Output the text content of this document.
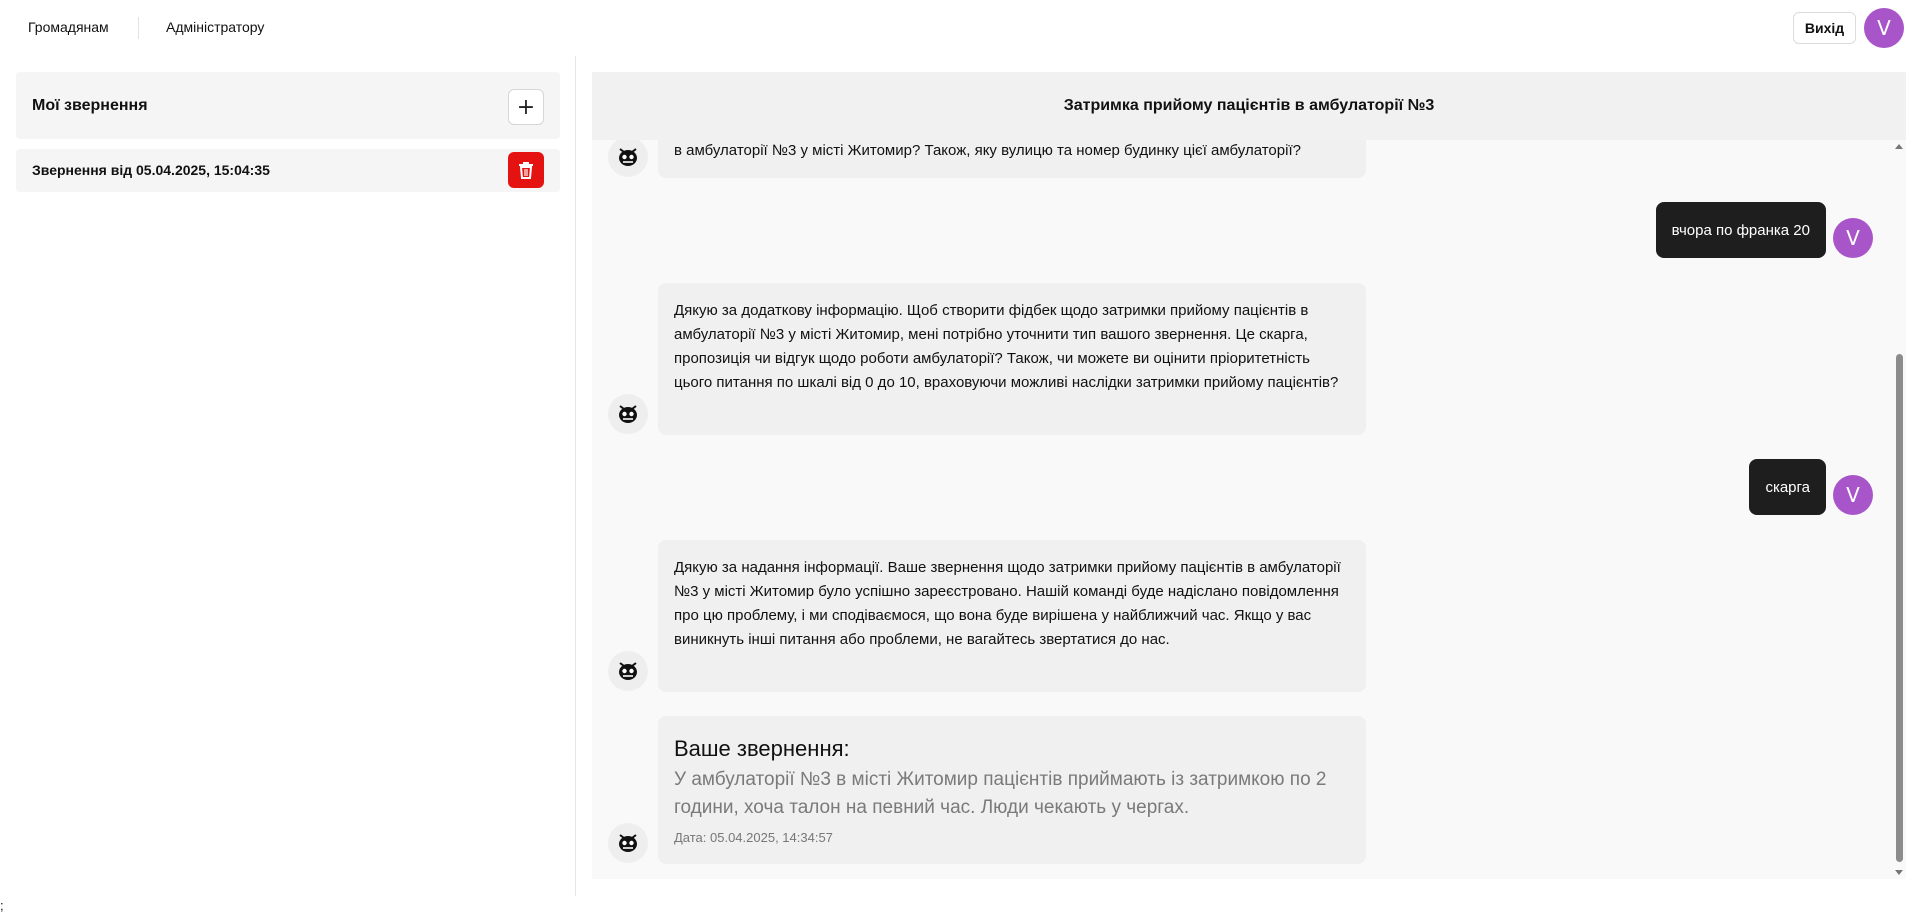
Громадянам	Адміністратору	Вихід	V
Мої звернення	+
Звернення від 05.04.2025, 15:04:35
Затримка прийому пацієнтів в амбулаторії №3
в амбулаторії №3 у місті Житомир? Також, яку вулицю та номер будинку цієї амбулаторії?
вчора по франка 20	V
Дякую за додаткову інформацію. Щоб створити фідбек щодо затримки прийому пацієнтів в амбулаторії №3 у місті Житомир, мені потрібно уточнити тип вашого звернення. Це скарга, пропозиція чи відгук щодо роботи амбулаторії? Також, чи можете ви оцінити пріоритетність цього питання по шкалі від 0 до 10, враховуючи можливі наслідки затримки прийому пацієнтів?
скарга	V
Дякую за надання інформації. Ваше звернення щодо затримки прийому пацієнтів в амбулаторії №3 у місті Житомир було успішно зареєстровано. Нашій команді буде надіслано повідомлення про цю проблему, і ми сподіваємося, що вона буде вирішена у найближчий час. Якщо у вас виникнуть інші питання або проблеми, не вагайтесь звертатися до нас.
Ваше звернення:
У амбулаторії №3 в місті Житомир пацієнтів приймають із затримкою по 2 години, хоча талон на певний час. Люди чекають у чергах.
Дата: 05.04.2025, 14:34:57
;
